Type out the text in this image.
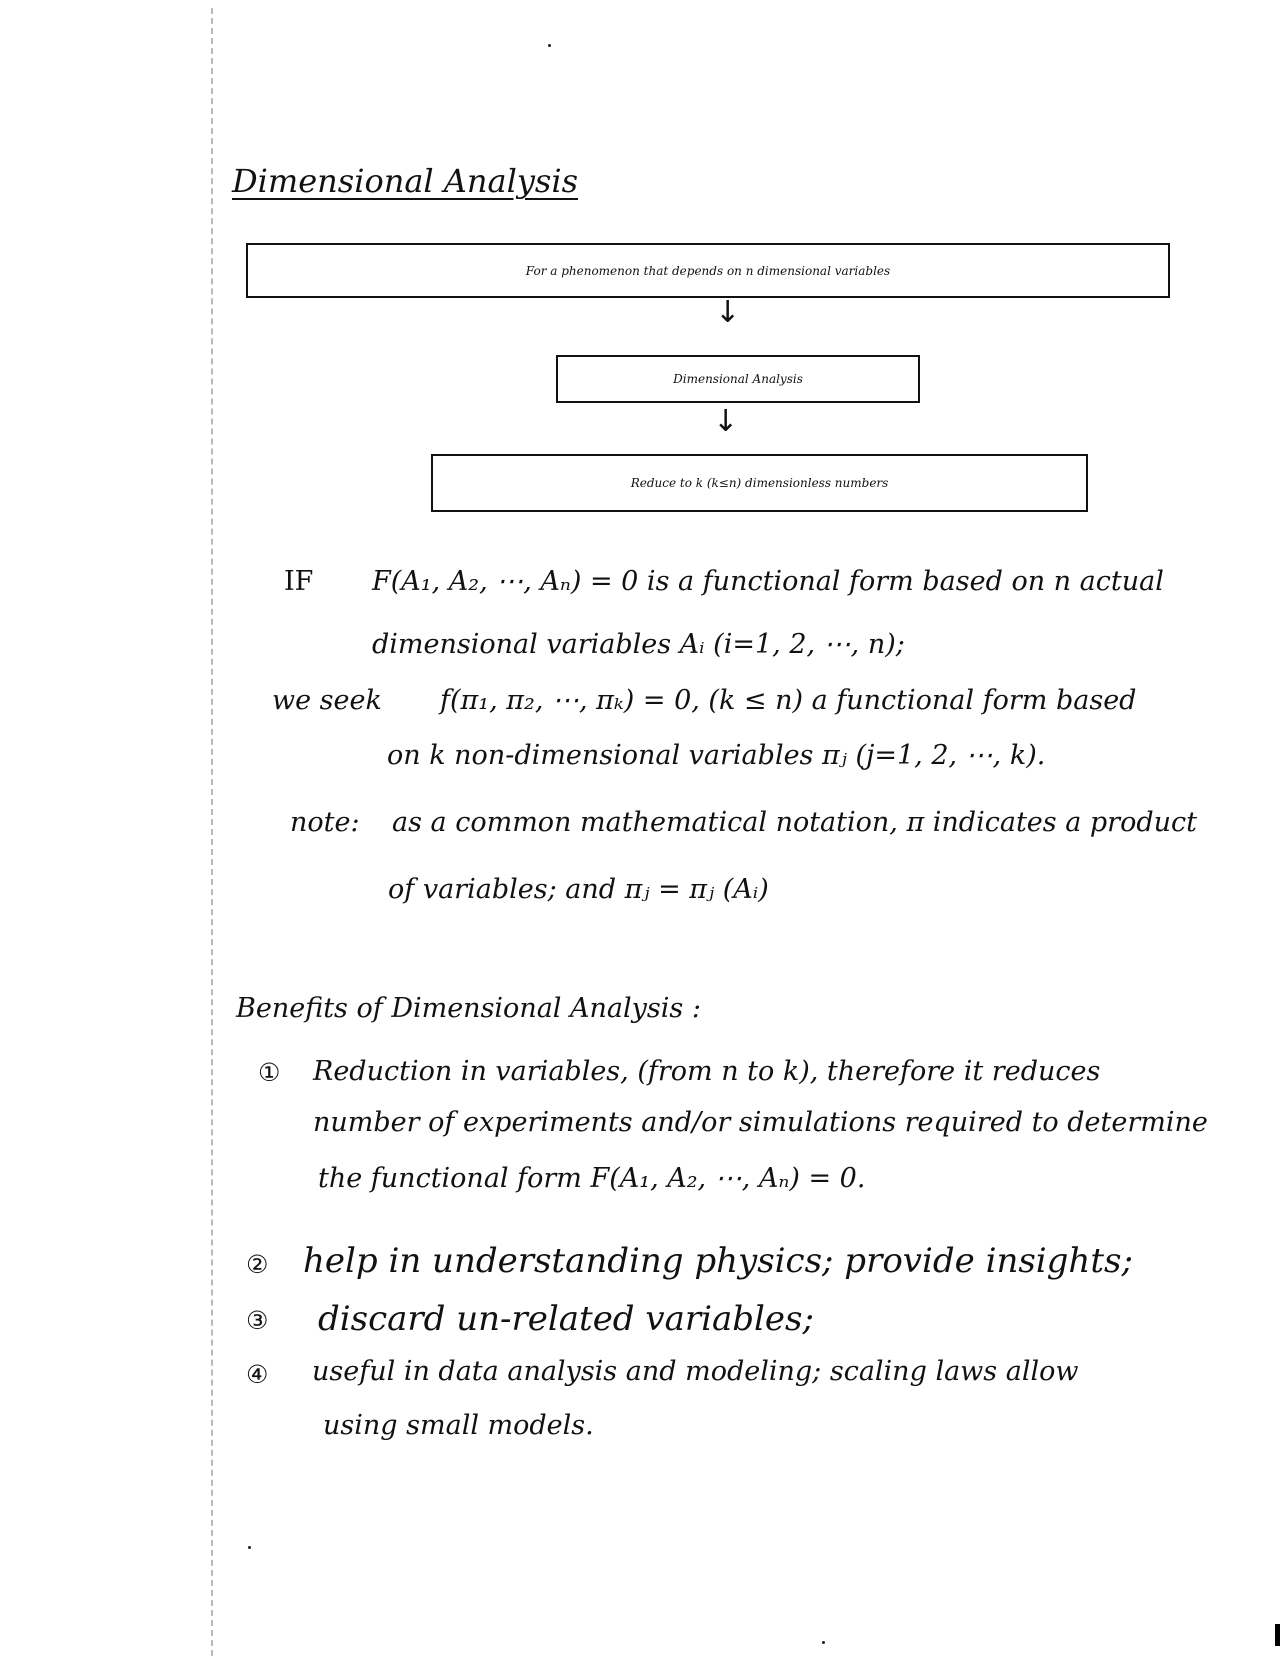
Dimensional Analysis
For a phenomenon that depends on n dimensional variables
↓
Dimensional Analysis
↓
Reduce to k (k≤n) dimensionless numbers
IF F(A₁, A₂, ⋯, Aₙ) = 0 is a functional form based on n actual
dimensional variables Aᵢ (i=1, 2, ⋯, n);
we seek f(π₁, π₂, ⋯, πₖ) = 0, (k ≤ n) a functional form based
on k non-dimensional variables πⱼ (j=1, 2, ⋯, k).
note: as a common mathematical notation, π indicates a product
of variables; and πⱼ = πⱼ (Aᵢ)
Benefits of Dimensional Analysis :
① Reduction in variables, (from n to k), therefore it reduces
number of experiments and/or simulations required to determine
the functional form F(A₁, A₂, ⋯, Aₙ) = 0.
② help in understanding physics; provide insights;
③ discard un-related variables;
④ useful in data analysis and modeling; scaling laws allow
using small models.
